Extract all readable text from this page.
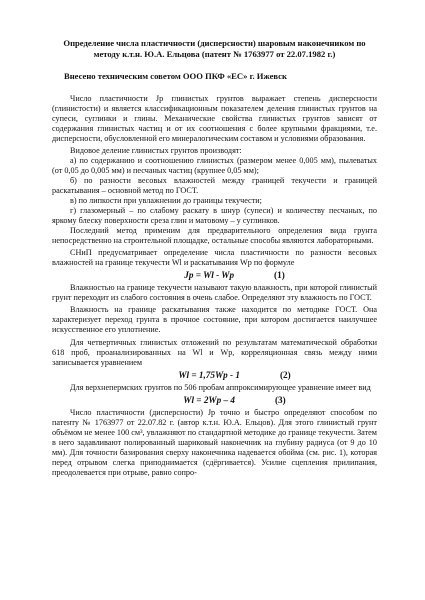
Определение числа пластичности (дисперсности) шаровым наконечником по методу к.т.н. Ю.А. Ельцова (патент № 1763977 от 22.07.1982 г.)
Внесено техническим советом ООО ПКФ «ЕС» г. Ижевск

Число пластичности Jp глинистых грунтов выражает степень дисперсности (глинистости) и является классификационным показателем деления глинистых грунтов на супеси, суглинки и глины. Механические свойства глинистых грунтов зависят от содержания глинистых частиц и от их соотношения с более крупными фракциями, т.е. дисперсности, обусловленной его минералогическим составом и условиями образования.

Видовое деление глинистых грунтов производят:

а) по содержанию и соотношению глинистых (размером менее 0,005 мм), пылеватых (от 0,05 до 0,005 мм) и песчаных частиц (крупнее 0,05 мм);

б) по разности весовых влажностей между границей текучести и границей раскатывания – основной метод по ГОСТ.

в) по липкости при увлажнении до границы текучести;

г) глазомерный – по слабому раскату в шнур (супеси) и количеству песчаных, по яркому блеску поверхности среза глин и матовому – у суглинков.

Последний метод применим для предварительного определения вида грунта непосредственно на строительной площадке, остальные способы являются лабораторными.

СНиП предусматривает определение числа пластичности по разности весовых влажностей на границе текучести Wl и раскатывания Wp по формуле

Jp = Wl - Wp	(1)

Влажностью на границе текучести называют такую влажность, при которой глинистый грунт переходит из слабого состояния в очень слабое. Определяют эту влажность по ГОСТ.

Влажность на границе раскатывания также находится по методике ГОСТ. Она характеризует переход грунта в прочное состояние, при котором достигается наилучшее искусственное его уплотнение.

Для четвертичных глинистых отложений по результатам математической обработки 618 проб, проанализированных на Wl и Wp, корреляционная связь между ними записывается уравнением

Wl = 1,75Wp - 1	(2)

Для верхнепермских грунтов по 506 пробам аппроксимирующее уравнение имеет вид

Wl = 2Wp – 4	(3)

Число пластичности (дисперсности) Jp точно и быстро определяют способом по патенту № 1763977 от 22.07.82 г. (автор к.т.н. Ю.А. Ельцов). Для этого глинистый грунт объёмом не менее 100 см³, увлажняют по стандартной методике до границе текучести. Затем в него задавливают полированный шариковый наконечник на глубину радиуса (от 9 до 10 мм). Для точности базирования сверху наконечника надевается обойма (см. рис. 1), которая перед отрывом слегка приподнимается (сдёргивается). Усилие сцепления прилипания, преодолевается при отрыве, равно сопро-
